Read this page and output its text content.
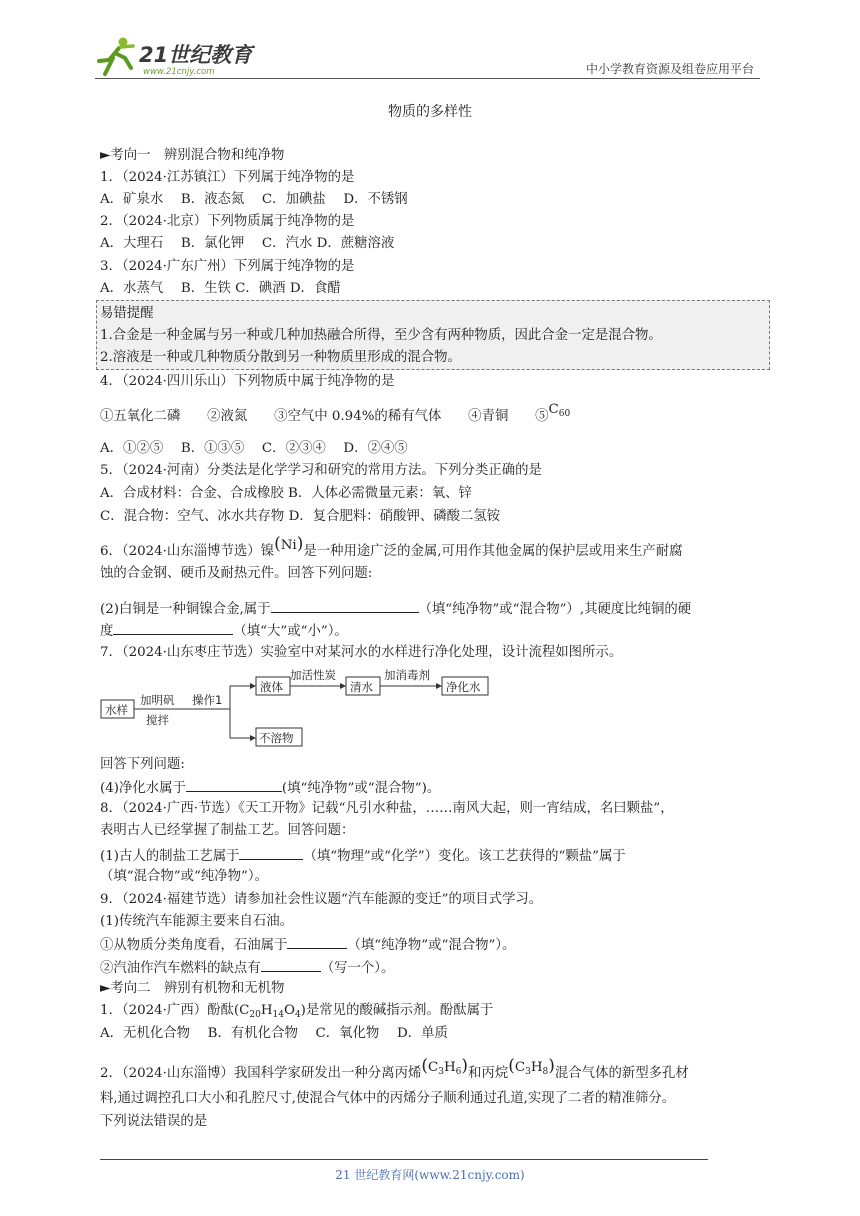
21世纪教育
www.21cnjy.com	中小学教育资源及组卷应用平台
物质的多样性
►考向一　辨别混合物和纯净物
1．（2024·江苏镇江）下列属于纯净物的是
A．矿泉水　 B．液态氮　 C．加碘盐　 D．不锈钢
2．（2024·北京）下列物质属于纯净物的是
A．大理石　 B．氯化钾　 C．汽水 D．蔗糖溶液
3．（2024·广东广州）下列属于纯净物的是
A．水蒸气　 B．生铁 C．碘酒 D．食醋
易错提醒
1.合金是一种金属与另一种或几种加热融合所得，至少含有两种物质，因此合金一定是混合物。
2.溶液是一种或几种物质分散到另一种物质里形成的混合物。
4．（2024·四川乐山）下列物质中属于纯净物的是
①五氧化二磷　　②液氮　　③空气中 0.94%的稀有气体　　④青铜　　$⑤C_{60}$
A．①②⑤　 B．①③⑤　 C．②③④　 D．②④⑤
5．（2024·河南）分类法是化学学习和研究的常用方法。下列分类正确的是
A．合成材料：合金、合成橡胶 B．人体必需微量元素：氧、锌
C．混合物：空气、冰水共存物 D．复合肥料：硝酸钾、磷酸二氢铵
6．（2024·山东淄博节选）镍(Ni)是一种用途广泛的金属,可用作其他金属的保护层或用来生产耐腐
蚀的合金钢、硬币及耐热元件。回答下列问题:
(2)白铜是一种铜镍合金,属于	（填“纯净物”或“混合物”）,其硬度比纯铜的硬
度	（填“大”或“小”）。
7．（2024·山东枣庄节选）实验室中对某河水的水样进行净化处理，设计流程如图所示。
水样
加明矾
搅拌
操作1
液体
加活性炭
清水
加消毒剂
净化水
不溶物
回答下列问题:
(4)净化水属于	(填“纯净物”或“混合物”)。
8．（2024·广西·节选）《天工开物》记载“凡引水种盐，……南风大起，则一宵结成，名曰颗盐”，
表明古人已经掌握了制盐工艺。回答问题：
(1)古人的制盐工艺属于	（填“物理”或“化学”）变化。该工艺获得的“颗盐”属于
（填“混合物”或“纯净物”）。
9．（2024·福建节选）请参加社会性议题“汽车能源的变迁”的项目式学习。
(1)传统汽车能源主要来自石油。
①从物质分类角度看，石油属于	（填“纯净物”或“混合物”）。
②汽油作汽车燃料的缺点有	（写一个）。
►考向二　辨别有机物和无机物
1．（2024·广西）酚酞$(C_{20}H_{14}O_4)$是常见的酸碱指示剂。酚酞属于
A．无机化合物　 B．有机化合物　 C．氧化物　 D．单质
2．（2024·山东淄博）我国科学家研发出一种分离丙烯$(C_3H_6)$和丙烷$(C_3H_8)$混合气体的新型多孔材
料,通过调控孔口大小和孔腔尺寸,使混合气体中的丙烯分子顺利通过孔道,实现了二者的精准筛分。
下列说法错误的是
21 世纪教育网(www.21cnjy.com)
